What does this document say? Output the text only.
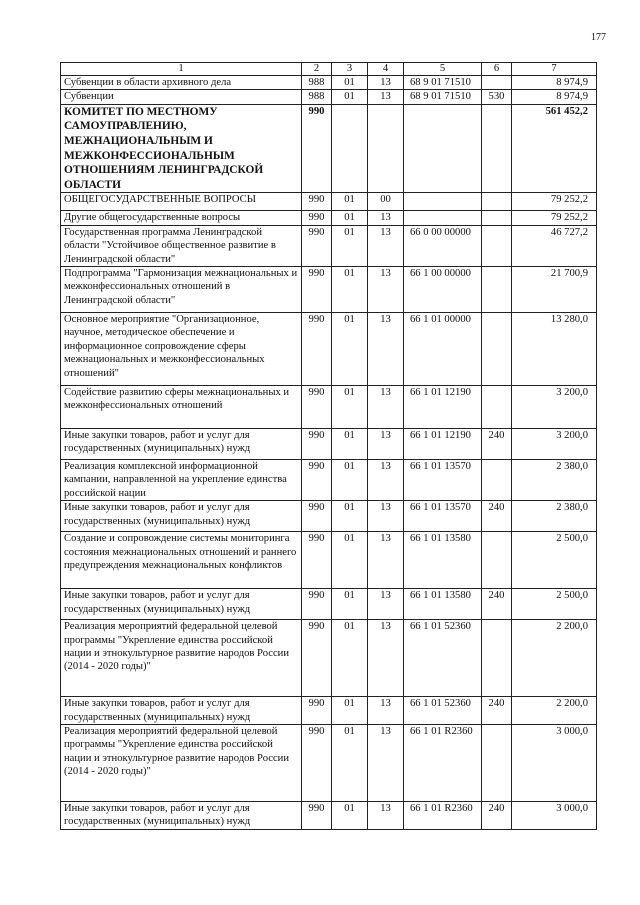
177
1	2	3	4	5	6	7
Субвенции в области архивного дела	988	01	13	68 9 01 71510		8 974,9
Субвенции	988	01	13	68 9 01 71510	530	8 974,9
КОМИТЕТ ПО МЕСТНОМУ САМОУПРАВЛЕНИЮ, МЕЖНАЦИОНАЛЬНЫМ И МЕЖКОНФЕССИОНАЛЬНЫМ ОТНОШЕНИЯМ ЛЕНИНГРАДСКОЙ ОБЛАСТИ	990					561 452,2
ОБЩЕГОСУДАРСТВЕННЫЕ ВОПРОСЫ	990	01	00			79 252,2
Другие общегосударственные вопросы	990	01	13			79 252,2
Государственная программа Ленинградской области "Устойчивое общественное развитие в Ленинградской области"	990	01	13	66 0 00 00000		46 727,2
Подпрограмма "Гармонизация межнациональных и межконфессиональных отношений в Ленинградской области"	990	01	13	66 1 00 00000		21 700,9
Основное мероприятие "Организационное, научное, методическое обеспечение и информационное сопровождение сферы межнациональных и межконфессиональных отношений"	990	01	13	66 1 01 00000		13 280,0
Содействие развитию сферы межнациональных и межконфессиональных отношений	990	01	13	66 1 01 12190		3 200,0
Иные закупки товаров, работ и услуг для государственных (муниципальных) нужд	990	01	13	66 1 01 12190	240	3 200,0
Реализация комплексной информационной кампании, направленной на укрепление единства российской нации	990	01	13	66 1 01 13570		2 380,0
Иные закупки товаров, работ и услуг для государственных (муниципальных) нужд	990	01	13	66 1 01 13570	240	2 380,0
Создание и сопровождение системы мониторинга состояния межнациональных отношений и раннего предупреждения межнациональных конфликтов	990	01	13	66 1 01 13580		2 500,0
Иные закупки товаров, работ и услуг для государственных (муниципальных) нужд	990	01	13	66 1 01 13580	240	2 500,0
Реализация мероприятий федеральной целевой программы "Укрепление единства российской нации и этнокультурное развитие народов России (2014 - 2020 годы)"	990	01	13	66 1 01 52360		2 200,0
Иные закупки товаров, работ и услуг для государственных (муниципальных) нужд	990	01	13	66 1 01 52360	240	2 200,0
Реализация мероприятий федеральной целевой программы "Укрепление единства российской нации и этнокультурное развитие народов России (2014 - 2020 годы)"	990	01	13	66 1 01 R2360		3 000,0
Иные закупки товаров, работ и услуг для государственных (муниципальных) нужд	990	01	13	66 1 01 R2360	240	3 000,0
